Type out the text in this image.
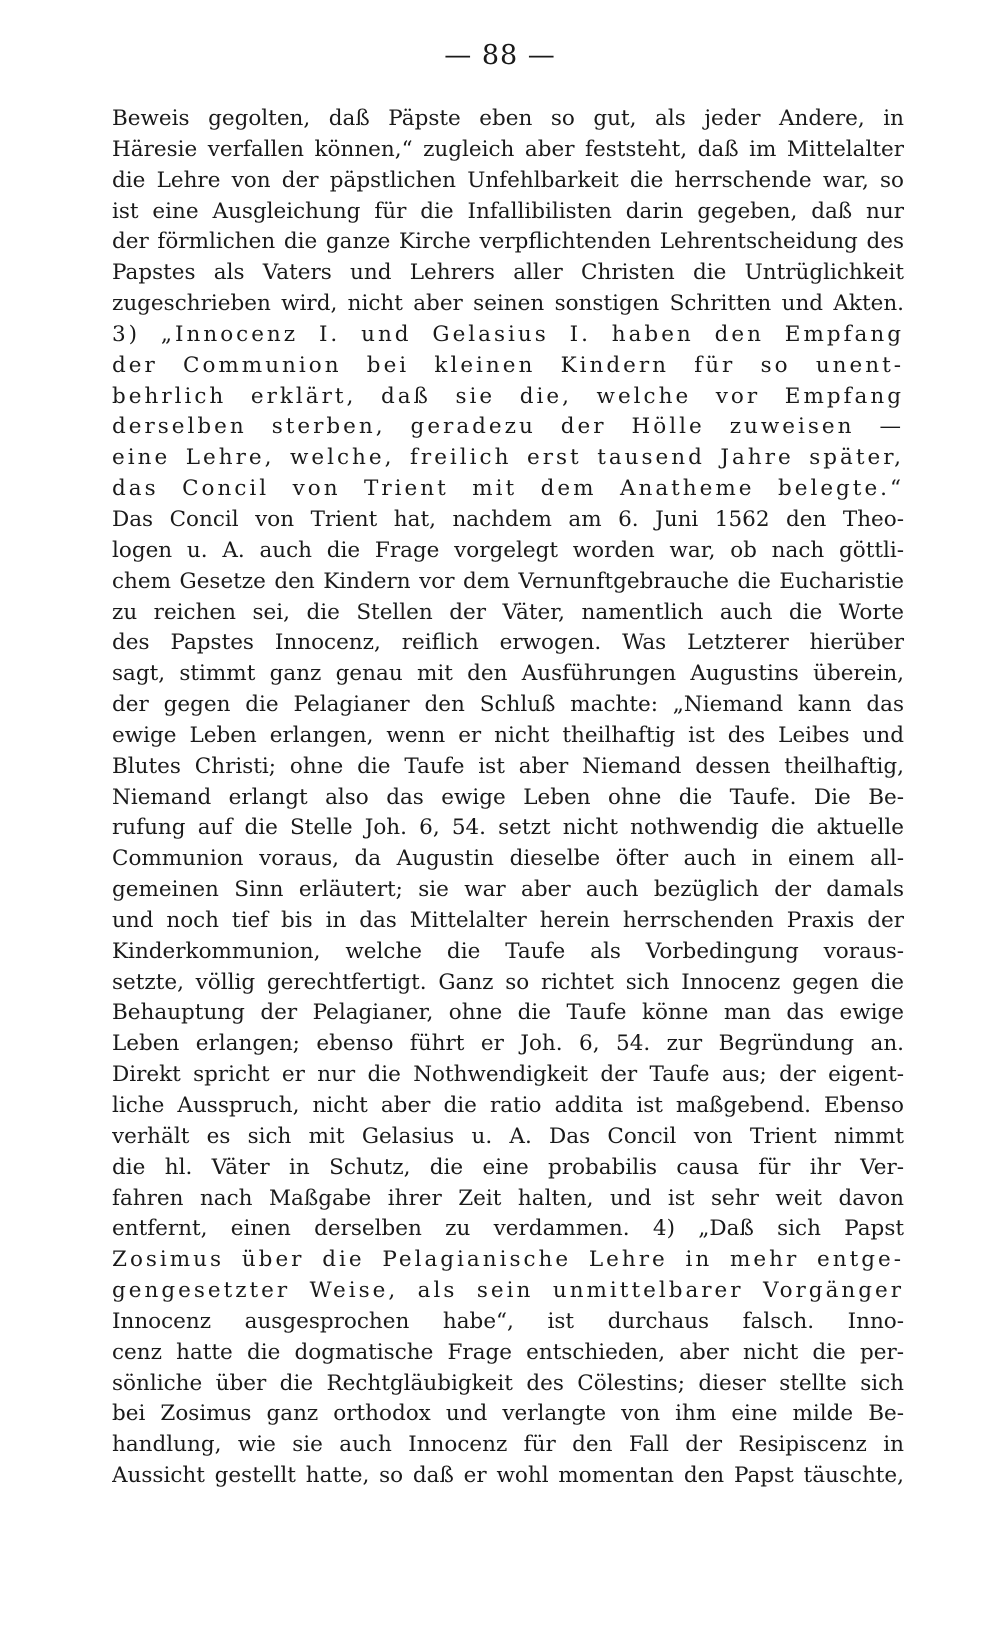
— 88 —
Beweis gegolten, daß Päpste eben so gut, als jeder Andere, in
Häresie verfallen können,“ zugleich aber feststeht, daß im Mittelalter
die Lehre von der päpstlichen Unfehlbarkeit die herrschende war, so
ist eine Ausgleichung für die Infallibilisten darin gegeben, daß nur
der förmlichen die ganze Kirche verpflichtenden Lehrentscheidung des
Papstes als Vaters und Lehrers aller Christen die Untrüglichkeit
zugeschrieben wird, nicht aber seinen sonstigen Schritten und Akten.
3) „Innocenz I. und Gelasius I. haben den Empfang
der Communion bei kleinen Kindern für so unent-
behrlich erklärt, daß sie die, welche vor Empfang
derselben sterben, geradezu der Hölle zuweisen —
eine Lehre, welche, freilich erst tausend Jahre später,
das Concil von Trient mit dem Anatheme belegte.“
Das Concil von Trient hat, nachdem am 6. Juni 1562 den Theo-
logen u. A. auch die Frage vorgelegt worden war, ob nach göttli-
chem Gesetze den Kindern vor dem Vernunftgebrauche die Eucharistie
zu reichen sei, die Stellen der Väter, namentlich auch die Worte
des Papstes Innocenz, reiflich erwogen. Was Letzterer hierüber
sagt, stimmt ganz genau mit den Ausführungen Augustins überein,
der gegen die Pelagianer den Schluß machte: „Niemand kann das
ewige Leben erlangen, wenn er nicht theilhaftig ist des Leibes und
Blutes Christi; ohne die Taufe ist aber Niemand dessen theilhaftig,
Niemand erlangt also das ewige Leben ohne die Taufe. Die Be-
rufung auf die Stelle Joh. 6, 54. setzt nicht nothwendig die aktuelle
Communion voraus, da Augustin dieselbe öfter auch in einem all-
gemeinen Sinn erläutert; sie war aber auch bezüglich der damals
und noch tief bis in das Mittelalter herein herrschenden Praxis der
Kinderkommunion, welche die Taufe als Vorbedingung voraus-
setzte, völlig gerechtfertigt. Ganz so richtet sich Innocenz gegen die
Behauptung der Pelagianer, ohne die Taufe könne man das ewige
Leben erlangen; ebenso führt er Joh. 6, 54. zur Begründung an.
Direkt spricht er nur die Nothwendigkeit der Taufe aus; der eigent-
liche Ausspruch, nicht aber die ratio addita ist maßgebend. Ebenso
verhält es sich mit Gelasius u. A. Das Concil von Trient nimmt
die hl. Väter in Schutz, die eine probabilis causa für ihr Ver-
fahren nach Maßgabe ihrer Zeit halten, und ist sehr weit davon
entfernt, einen derselben zu verdammen. 4) „Daß sich Papst
Zosimus über die Pelagianische Lehre in mehr entge-
gengesetzter Weise, als sein unmittelbarer Vorgänger
Innocenz ausgesprochen habe“, ist durchaus falsch. Inno-
cenz hatte die dogmatische Frage entschieden, aber nicht die per-
sönliche über die Rechtgläubigkeit des Cölestins; dieser stellte sich
bei Zosimus ganz orthodox und verlangte von ihm eine milde Be-
handlung, wie sie auch Innocenz für den Fall der Resipiscenz in
Aussicht gestellt hatte, so daß er wohl momentan den Papst täuschte,
